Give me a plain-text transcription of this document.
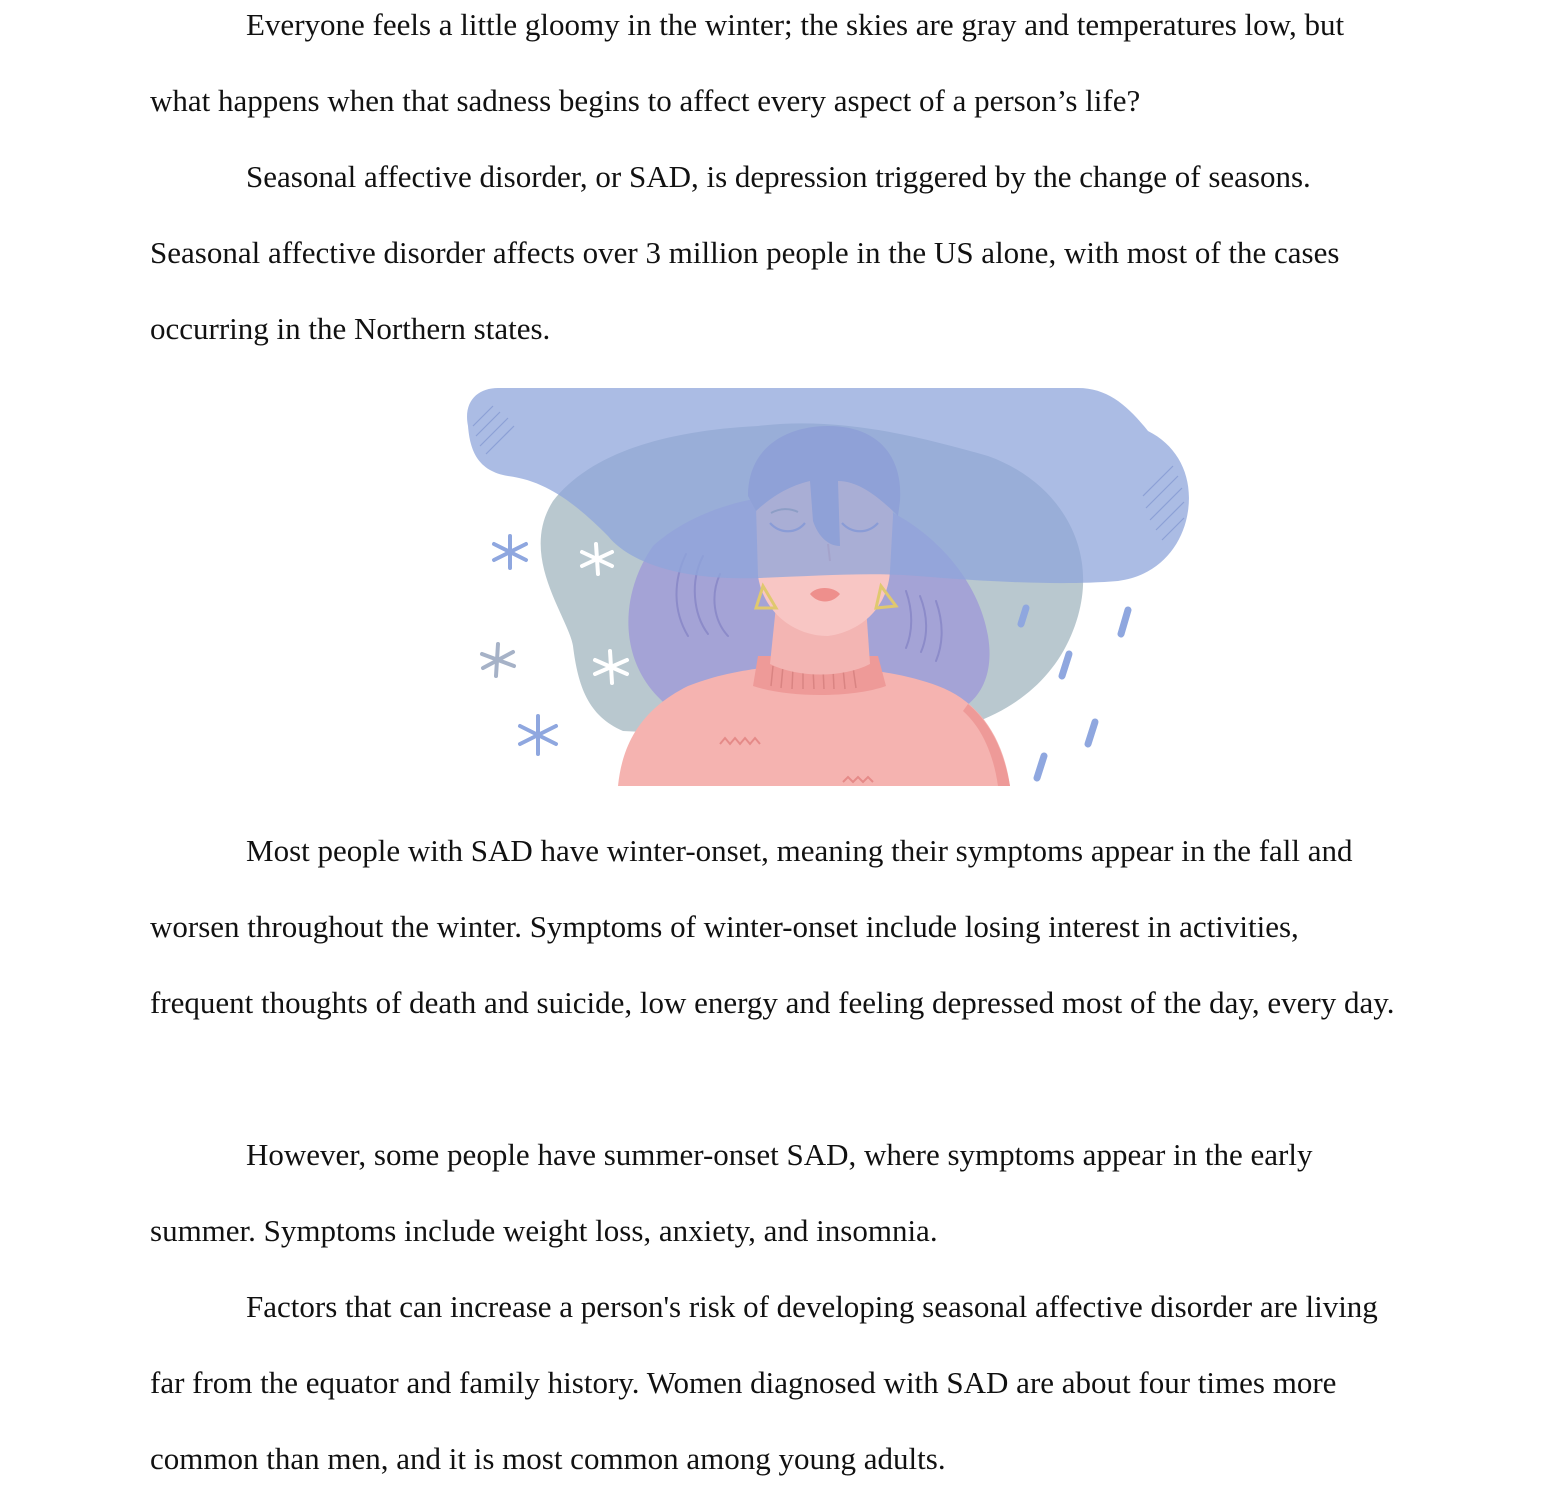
Everyone feels a little gloomy in the winter; the skies are gray and temperatures low, but what happens when that sadness begins to affect every aspect of a person’s life?

Seasonal affective disorder, or SAD, is depression triggered by the change of seasons. Seasonal affective disorder affects over 3 million people in the US alone, with most of the cases occurring in the Northern states.

Most people with SAD have winter-onset, meaning their symptoms appear in the fall and worsen throughout the winter. Symptoms of winter-onset include losing interest in activities, frequent thoughts of death and suicide, low energy and feeling depressed most of the day, every day.

However, some people have summer-onset SAD, where symptoms appear in the early summer. Symptoms include weight loss, anxiety, and insomnia.

Factors that can increase a person's risk of developing seasonal affective disorder are living far from the equator and family history. Women diagnosed with SAD are about four times more common than men, and it is most common among young adults.
